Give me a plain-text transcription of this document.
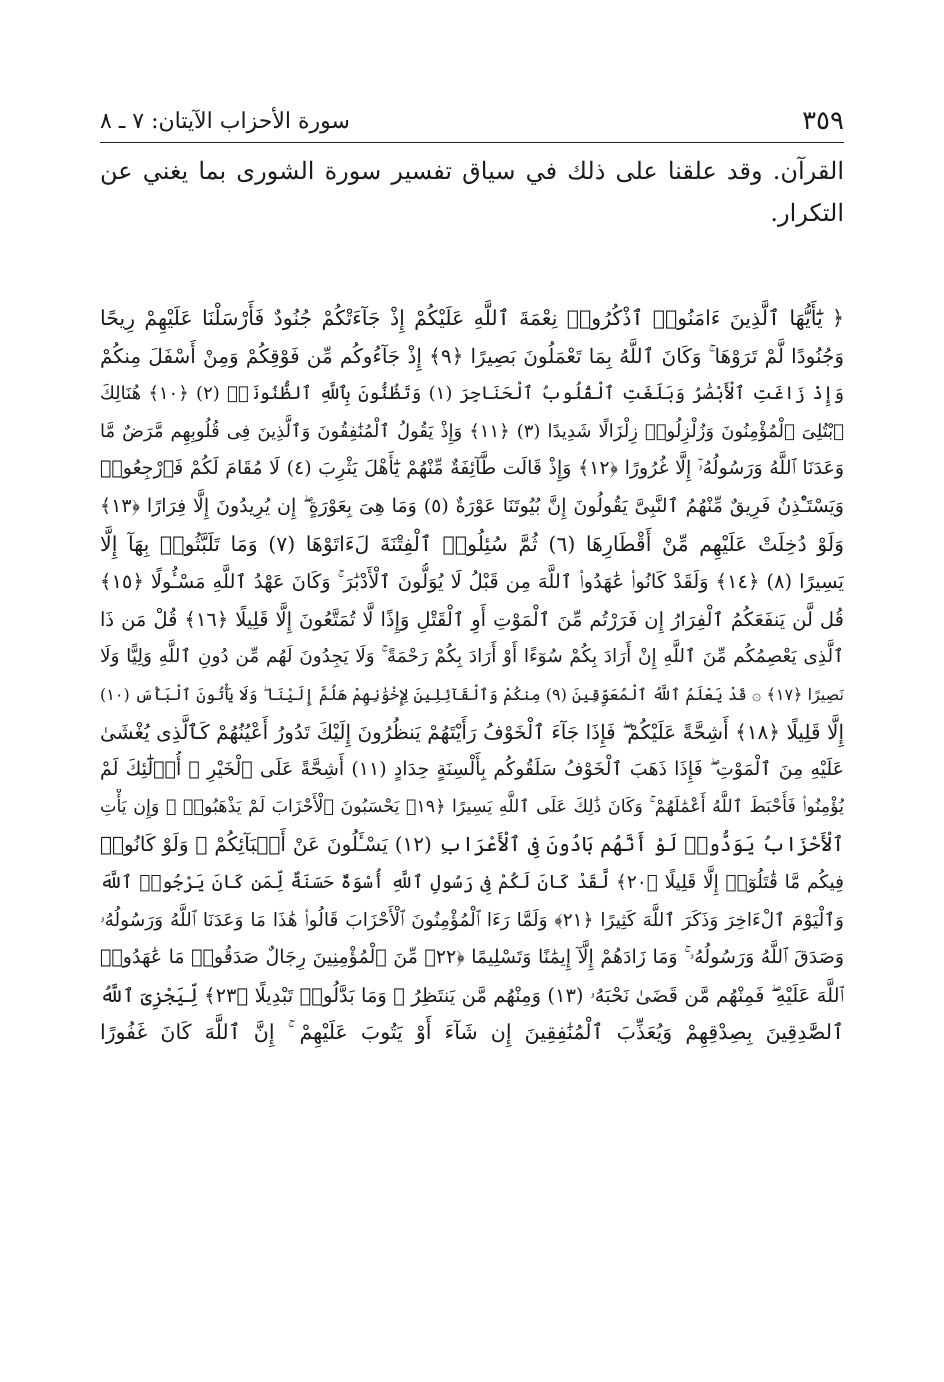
٣٥٩
سورة الأحزاب الآيتان: ٧ ـ ٨
القرآن. وقد علقنا على ذلك في سياق تفسير سورة الشورى بما يغني عن التكرار.
﴿ يَٰٓأَيُّهَا ٱلَّذِينَ ءَامَنُوا۟ ٱذْكُرُوا۟ نِعْمَةَ ٱللَّهِ عَلَيْكُمْ إِذْ جَآءَتْكُمْ جُنُودٌ فَأَرْسَلْنَا عَلَيْهِمْ رِيحًا
وَجُنُودًا لَّمْ تَرَوْهَا ۚ وَكَانَ ٱللَّهُ بِمَا تَعْمَلُونَ بَصِيرًا ﴿٩﴾ إِذْ جَآءُوكُم مِّن فَوْقِكُمْ وَمِنْ أَسْفَلَ مِنكُمْ
وَإِذْ زَاغَتِ ٱلْأَبْصَٰرُ وَبَلَغَتِ ٱلْقُلُوبُ ٱلْحَنَاجِرَ (١) وَتَظُنُّونَ بِٱللَّهِ ٱلظُّنُونَا۠ (٢) ﴿١٠﴾ هُنَالِكَ
ٱبْتُلِىَ ٱلْمُؤْمِنُونَ وَزُلْزِلُوا۟ زِلْزَالًا شَدِيدًا (٣) ﴿١١﴾ وَإِذْ يَقُولُ ٱلْمُنَٰفِقُونَ وَٱلَّذِينَ فِى قُلُوبِهِم مَّرَضٌ مَّا
وَعَدَنَا ٱللَّهُ وَرَسُولُهُۥٓ إِلَّا غُرُورًا ﴿١٢﴾ وَإِذْ قَالَت طَّآئِفَةٌ مِّنْهُمْ يَٰٓأَهْلَ يَثْرِبَ (٤) لَا مُقَامَ لَكُمْ فَٱرْجِعُوا۟
وَيَسْتَـْٔذِنُ فَرِيقٌ مِّنْهُمُ ٱلنَّبِىَّ يَقُولُونَ إِنَّ بُيُوتَنَا عَوْرَةٌ (٥) وَمَا هِىَ بِعَوْرَةٍ ۖ إِن يُرِيدُونَ إِلَّا فِرَارًا ﴿١٣﴾
وَلَوْ دُخِلَتْ عَلَيْهِم مِّنْ أَقْطَارِهَا (٦) ثُمَّ سُئِلُوا۟ ٱلْفِتْنَةَ لَءَاتَوْهَا (٧) وَمَا تَلَبَّثُوا۟ بِهَآ إِلَّا
يَسِيرًا (٨) ﴿١٤﴾ وَلَقَدْ كَانُوا۟ عَٰهَدُوا۟ ٱللَّهَ مِن قَبْلُ لَا يُوَلُّونَ ٱلْأَدْبَٰرَ ۚ وَكَانَ عَهْدُ ٱللَّهِ مَسْـُٔولًا ﴿١٥﴾
قُل لَّن يَنفَعَكُمُ ٱلْفِرَارُ إِن فَرَرْتُم مِّنَ ٱلْمَوْتِ أَوِ ٱلْقَتْلِ وَإِذًا لَّا تُمَتَّعُونَ إِلَّا قَلِيلًا ﴿١٦﴾ قُلْ مَن ذَا
ٱلَّذِى يَعْصِمُكُم مِّنَ ٱللَّهِ إِنْ أَرَادَ بِكُمْ سُوٓءًا أَوْ أَرَادَ بِكُمْ رَحْمَةً ۚ وَلَا يَجِدُونَ لَهُم مِّن دُونِ ٱللَّهِ وَلِيًّا وَلَا
نَصِيرًا ﴿١٧﴾ ۞ قَدْ يَعْلَمُ ٱللَّهُ ٱلْمُعَوِّقِينَ (٩) مِنكُمْ وَٱلْقَآئِلِينَ لِإِخْوَٰنِهِمْ هَلُمَّ إِلَيْنَا ۖ وَلَا يَأْتُونَ ٱلْبَأْسَ (١٠)
إِلَّا قَلِيلًا ﴿١٨﴾ أَشِحَّةً عَلَيْكُمْ ۖ فَإِذَا جَآءَ ٱلْخَوْفُ رَأَيْتَهُمْ يَنظُرُونَ إِلَيْكَ تَدُورُ أَعْيُنُهُمْ كَٱلَّذِى يُغْشَىٰ
عَلَيْهِ مِنَ ٱلْمَوْتِ ۖ فَإِذَا ذَهَبَ ٱلْخَوْفُ سَلَقُوكُم بِأَلْسِنَةٍ حِدَادٍ (١١) أَشِحَّةً عَلَى ٱلْخَيْرِ ۚ أُو۟لَٰٓئِكَ لَمْ
يُؤْمِنُوا۟ فَأَحْبَطَ ٱللَّهُ أَعْمَٰلَهُمْ ۚ وَكَانَ ذَٰلِكَ عَلَى ٱللَّهِ يَسِيرًا ﴿١٩﴾ يَحْسَبُونَ ٱلْأَحْزَابَ لَمْ يَذْهَبُوا۟ ۖ وَإِن يَأْتِ
ٱلْأَحْزَابُ يَوَدُّوا۟ لَوْ أَنَّهُم بَادُونَ فِى ٱلْأَعْرَابِ (١٢) يَسْـَٔلُونَ عَنْ أَنۢبَآئِكُمْ ۖ وَلَوْ كَانُوا۟
فِيكُم مَّا قَٰتَلُوٓا۟ إِلَّا قَلِيلًا ﴿٢٠﴾ لَّقَدْ كَانَ لَكُمْ فِى رَسُولِ ٱللَّهِ أُسْوَةٌ حَسَنَةٌ لِّمَن كَانَ يَرْجُوا۟ ٱللَّهَ
وَٱلْيَوْمَ ٱلْءَاخِرَ وَذَكَرَ ٱللَّهَ كَثِيرًا ﴿٢١﴾ وَلَمَّا رَءَا ٱلْمُؤْمِنُونَ ٱلْأَحْزَابَ قَالُوا۟ هَٰذَا مَا وَعَدَنَا ٱللَّهُ وَرَسُولُهُۥ
وَصَدَقَ ٱللَّهُ وَرَسُولُهُۥ ۚ وَمَا زَادَهُمْ إِلَّآ إِيمَٰنًا وَتَسْلِيمًا ﴿٢٢﴾ مِّنَ ٱلْمُؤْمِنِينَ رِجَالٌ صَدَقُوا۟ مَا عَٰهَدُوا۟
ٱللَّهَ عَلَيْهِ ۖ فَمِنْهُم مَّن قَضَىٰ نَحْبَهُۥ (١٣) وَمِنْهُم مَّن يَنتَظِرُ ۖ وَمَا بَدَّلُوا۟ تَبْدِيلًا ﴿٢٣﴾ لِّيَجْزِىَ ٱللَّهُ
ٱلصَّٰدِقِينَ بِصِدْقِهِمْ وَيُعَذِّبَ ٱلْمُنَٰفِقِينَ إِن شَآءَ أَوْ يَتُوبَ عَلَيْهِمْ ۚ إِنَّ ٱللَّهَ كَانَ غَفُورًا
